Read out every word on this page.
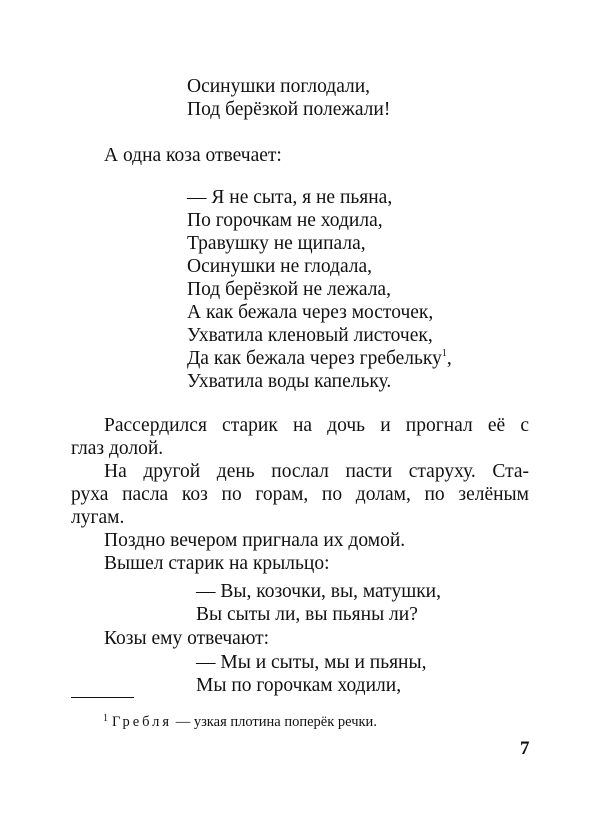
Осинушки поглодали,
Под берёзкой полежали!
А одна коза отвечает:
— Я не сыта, я не пьяна,
По горочкам не ходила,
Травушку не щипала,
Осинушки не глодала,
Под берёзкой не лежала,
А как бежала через мосточек,
Ухватила кленовый листочек,
Да как бежала через гребельку$^1$,
Ухватила воды капельку.
Рассердился старик на дочь и прогнал её с
глаз долой.
На другой день послал пасти старуху. Ста-
руха пасла коз по горам, по долам, по зелёным
лугам.
Поздно вечером пригнала их домой.
Вышел старик на крыльцо:
— Вы, козочки, вы, матушки,
Вы сыты ли, вы пьяны ли?
Козы ему отвечают:
— Мы и сыты, мы и пьяны,
Мы по горочкам ходили,
$^1$ Гребля — узкая плотина поперёк речки.
7
